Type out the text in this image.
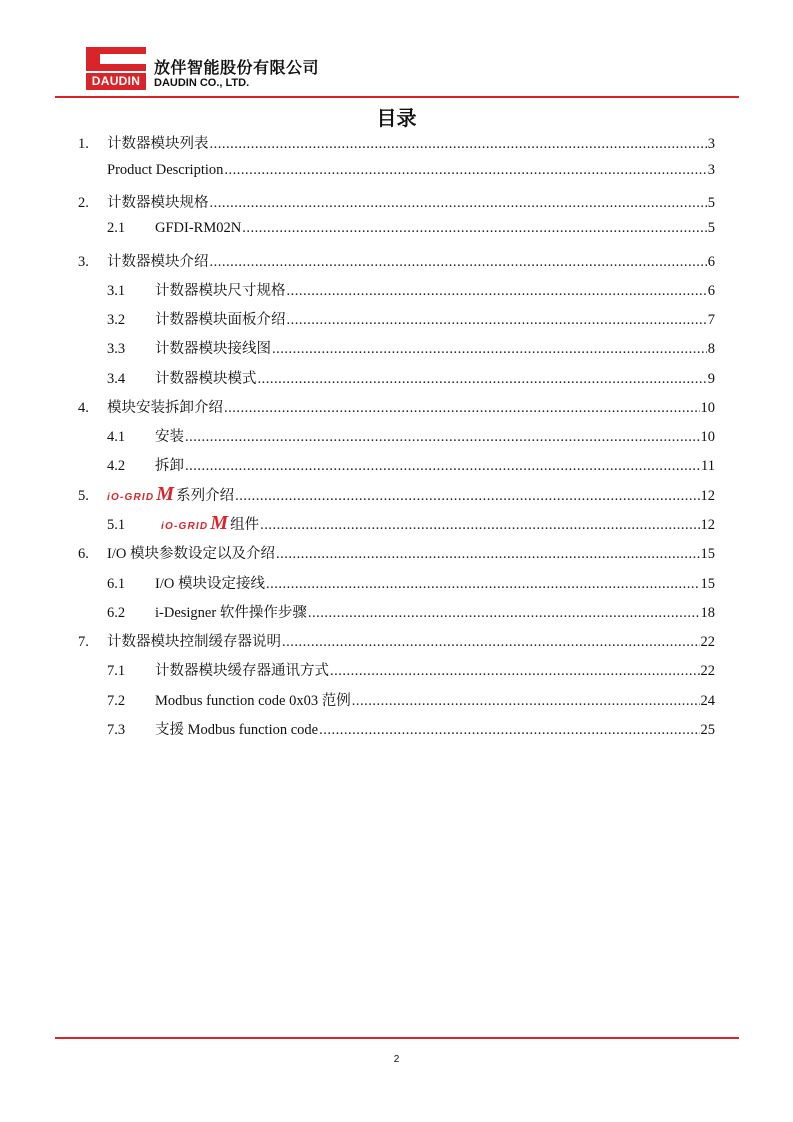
DAUDIN
放伴智能股份有限公司
DAUDIN CO., LTD.
目录
1.	计数器模块列表 .....	3
Product Description .....	3
2.	计数器模块规格 .....	5
2.1	GFDI-RM02N .....	5
3.	计数器模块介绍 .....	6
3.1	计数器模块尺寸规格 .....	6
3.2	计数器模块面板介绍 .....	7
3.3	计数器模块接线图 .....	8
3.4	计数器模块模式 .....	9
4.	模块安装拆卸介绍 .....	10
4.1	安装 .....	10
4.2	拆卸 .....	11
5.	iO-GRID M 系列介绍 .....	12
5.1	iO-GRID M 组件 .....	12
6.	I/O 模块参数设定以及介绍 .....	15
6.1	I/O 模块设定接线 .....	15
6.2	i-Designer 软件操作步骤 .....	18
7.	计数器模块控制缓存器说明 .....	22
7.1	计数器模块缓存器通讯方式 .....	22
7.2	Modbus function code 0x03 范例 .....	24
7.3	支援 Modbus function code .....	25
2
